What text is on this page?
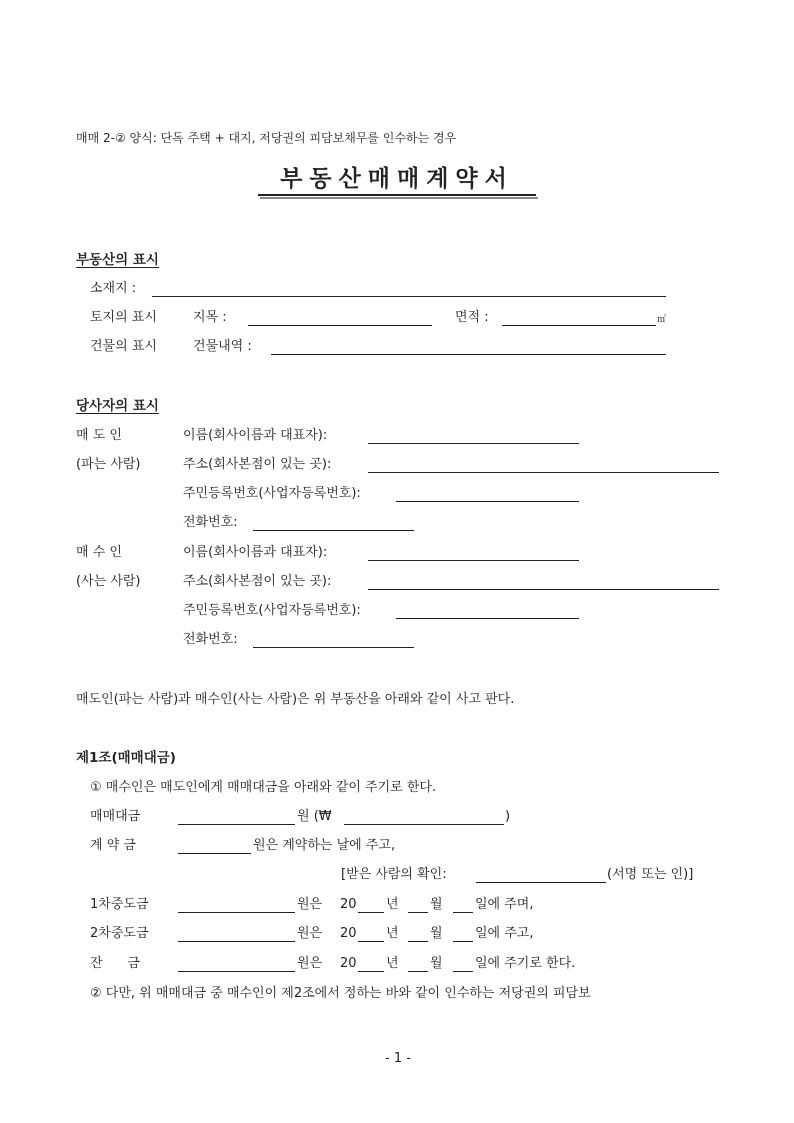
매매 2-② 양식: 단독 주택 + 대지, 저당권의 피담보채무를 인수하는 경우
부동산매매계약서
부동산의 표시
소재지 :
토지의 표시	지목 :	면적 :	㎡
건물의 표시	건물내역 :
당사자의 표시
매 도 인	이름(회사이름과 대표자):
(파는 사람)	주소(회사본점이 있는 곳):
주민등록번호(사업자등록번호):
전화번호:
매 수 인	이름(회사이름과 대표자):
(사는 사람)	주소(회사본점이 있는 곳):
주민등록번호(사업자등록번호):
전화번호:
매도인(파는 사람)과 매수인(사는 사람)은 위 부동산을 아래와 같이 사고 판다.
제1조(매매대금)
① 매수인은 매도인에게 매매대금을 아래와 같이 주기로 한다.
매매대금	원 (₩	)
계 약 금	원은 계약하는 날에 주고,
[받은 사람의 확인:	(서명 또는 인)]
1차중도금	원은 20 년 월 일에 주며,
2차중도금	원은 20 년 월 일에 주고,
잔      금	원은 20 년 월 일에 주기로 한다.
② 다만, 위 매매대금 중 매수인이 제2조에서 정하는 바와 같이 인수하는 저당권의 피담보
- 1 -
